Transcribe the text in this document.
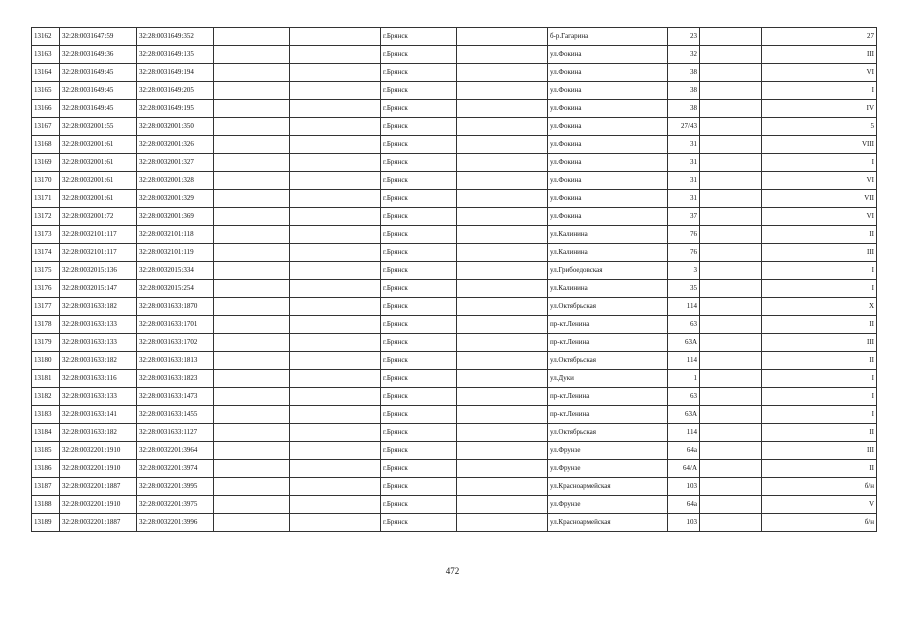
13162	32:28:0031647:59	32:28:0031649:352			г.Брянск		б-р.Гагарина	23		27
13163	32:28:0031649:36	32:28:0031649:135			г.Брянск		ул.Фокина	32		III
13164	32:28:0031649:45	32:28:0031649:194			г.Брянск		ул.Фокина	38		VI
13165	32:28:0031649:45	32:28:0031649:205			г.Брянск		ул.Фокина	38		I
13166	32:28:0031649:45	32:28:0031649:195			г.Брянск		ул.Фокина	38		IV
13167	32:28:0032001:55	32:28:0032001:350			г.Брянск		ул.Фокина	27/43		5
13168	32:28:0032001:61	32:28:0032001:326			г.Брянск		ул.Фокина	31		VIII
13169	32:28:0032001:61	32:28:0032001:327			г.Брянск		ул.Фокина	31		I
13170	32:28:0032001:61	32:28:0032001:328			г.Брянск		ул.Фокина	31		VI
13171	32:28:0032001:61	32:28:0032001:329			г.Брянск		ул.Фокина	31		VII
13172	32:28:0032001:72	32:28:0032001:369			г.Брянск		ул.Фокина	37		VI
13173	32:28:0032101:117	32:28:0032101:118			г.Брянск		ул.Калинина	76		II
13174	32:28:0032101:117	32:28:0032101:119			г.Брянск		ул.Калинина	76		III
13175	32:28:0032015:136	32:28:0032015:334			г.Брянск		ул.Грибоедовская	3		I
13176	32:28:0032015:147	32:28:0032015:254			г.Брянск		ул.Калинина	35		I
13177	32:28:0031633:182	32:28:0031633:1870			г.Брянск		ул.Октябрьская	114		X
13178	32:28:0031633:133	32:28:0031633:1701			г.Брянск		пр-кт.Ленина	63		II
13179	32:28:0031633:133	32:28:0031633:1702			г.Брянск		пр-кт.Ленина	63А		III
13180	32:28:0031633:182	32:28:0031633:1813			г.Брянск		ул.Октябрьская	114		II
13181	32:28:0031633:116	32:28:0031633:1823			г.Брянск		ул.Дуки	1		I
13182	32:28:0031633:133	32:28:0031633:1473			г.Брянск		пр-кт.Ленина	63		I
13183	32:28:0031633:141	32:28:0031633:1455			г.Брянск		пр-кт.Ленина	63А		I
13184	32:28:0031633:182	32:28:0031633:1127			г.Брянск		ул.Октябрьская	114		II
13185	32:28:0032201:1910	32:28:0032201:3964			г.Брянск		ул.Фрунзе	64а		III
13186	32:28:0032201:1910	32:28:0032201:3974			г.Брянск		ул.Фрунзе	64/А		II
13187	32:28:0032201:1887	32:28:0032201:3995			г.Брянск		ул.Красноармейская	103		б/н
13188	32:28:0032201:1910	32:28:0032201:3975			г.Брянск		ул.Фрунзе	64а		V
13189	32:28:0032201:1887	32:28:0032201:3996			г.Брянск		ул.Красноармейская	103		б/н
472
